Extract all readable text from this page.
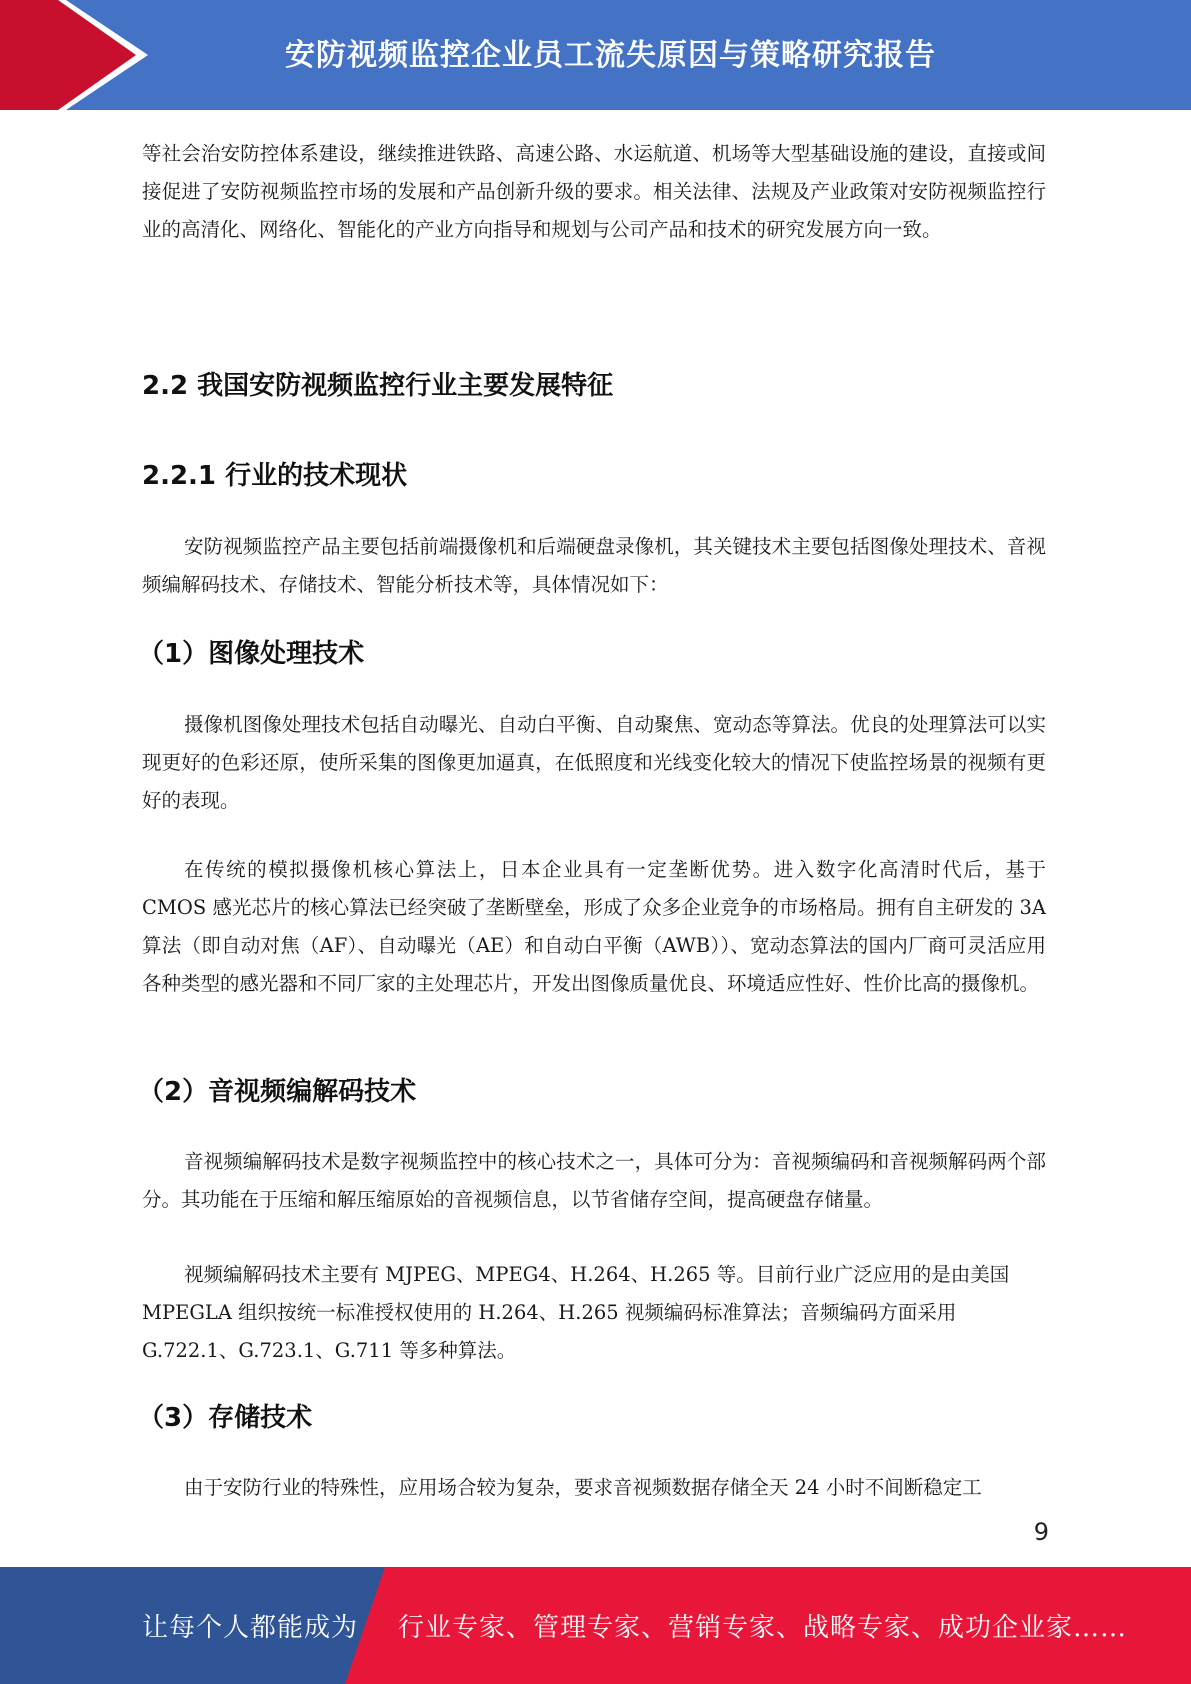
安防视频监控企业员工流失原因与策略研究报告

等社会治安防控体系建设，继续推进铁路、高速公路、水运航道、机场等大型基础设施的建设，直接或间接促进了安防视频监控市场的发展和产品创新升级的要求。相关法律、法规及产业政策对安防视频监控行业的高清化、网络化、智能化的产业方向指导和规划与公司产品和技术的研究发展方向一致。

2.2 我国安防视频监控行业主要发展特征
2.2.1 行业的技术现状

安防视频监控产品主要包括前端摄像机和后端硬盘录像机，其关键技术主要包括图像处理技术、音视频编解码技术、存储技术、智能分析技术等，具体情况如下：

（1）图像处理技术

摄像机图像处理技术包括自动曝光、自动白平衡、自动聚焦、宽动态等算法。优良的处理算法可以实现更好的色彩还原，使所采集的图像更加逼真，在低照度和光线变化较大的情况下使监控场景的视频有更好的表现。

在传统的模拟摄像机核心算法上，日本企业具有一定垄断优势。进入数字化高清时代后，基于CMOS 感光芯片的核心算法已经突破了垄断壁垒，形成了众多企业竞争的市场格局。拥有自主研发的 3A 算法（即自动对焦（AF）、自动曝光（AE）和自动白平衡（AWB））、宽动态算法的国内厂商可灵活应用各种类型的感光器和不同厂家的主处理芯片，开发出图像质量优良、环境适应性好、性价比高的摄像机。

（2）音视频编解码技术

音视频编解码技术是数字视频监控中的核心技术之一，具体可分为：音视频编码和音视频解码两个部分。其功能在于压缩和解压缩原始的音视频信息，以节省储存空间，提高硬盘存储量。

视频编解码技术主要有 MJPEG、MPEG4、H.264、H.265 等。目前行业广泛应用的是由美国
MPEGLA 组织按统一标准授权使用的 H.264、H.265 视频编码标准算法；音频编码方面采用
G.722.1、G.723.1、G.711 等多种算法。
（3）存储技术

由于安防行业的特殊性，应用场合较为复杂，要求音视频数据存储全天 24 小时不间断稳定工

9
让每个人都能成为 行业专家、管理专家、营销专家、战略专家、成功企业家……
